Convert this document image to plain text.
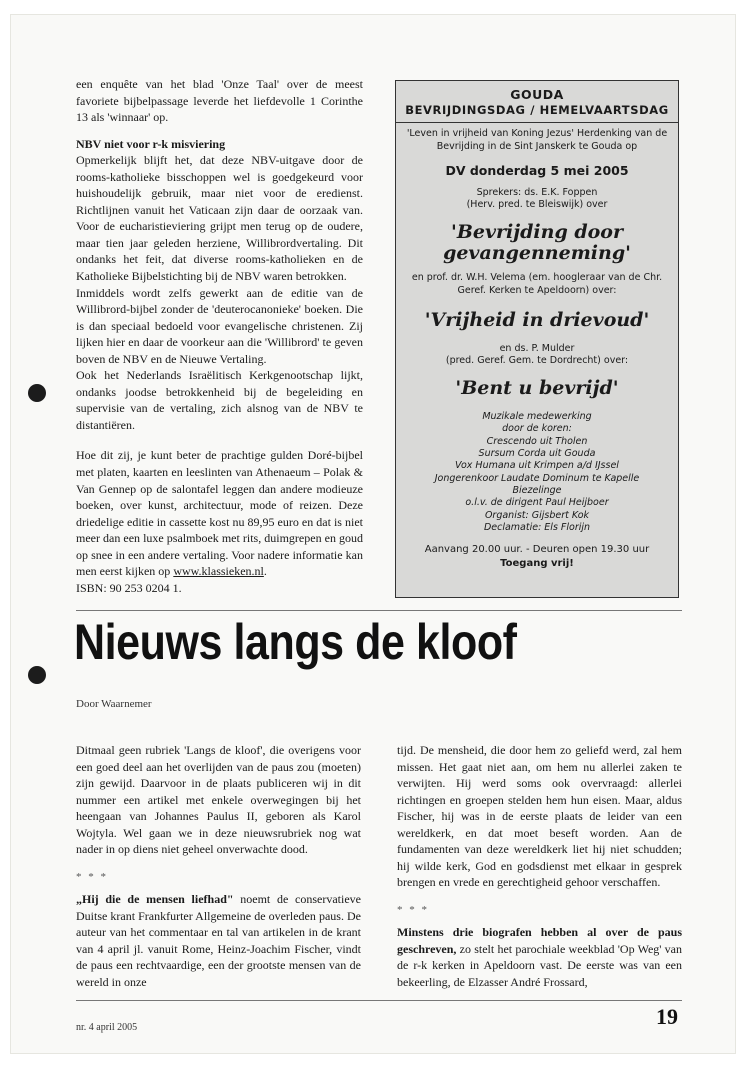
een enquête van het blad 'Onze Taal' over de meest favoriete bijbelpassage leverde het liefdevolle 1 Corinthe 13 als 'winnaar' op.

NBV niet voor r-k misviering

Opmerkelijk blijft het, dat deze NBV-uitgave door de rooms-katholieke bisschoppen wel is goedgekeurd voor huishoudelijk gebruik, maar niet voor de eredienst. Richtlijnen vanuit het Vaticaan zijn daar de oorzaak van. Voor de eucharistieviering grijpt men terug op de oudere, maar tien jaar geleden herziene, Willibrordvertaling. Dit ondanks het feit, dat diverse rooms-katholieken en de Katholieke Bijbelstichting bij de NBV waren betrokken.

Inmiddels wordt zelfs gewerkt aan de editie van de Willibrord-bijbel zonder de 'deuterocanonieke' boeken. Die is dan speciaal bedoeld voor evangelische christenen. Zij lijken hier en daar de voorkeur aan die 'Willibrord' te geven boven de NBV en de Nieuwe Vertaling.

Ook het Nederlands Israëlitisch Kerkgenootschap lijkt, ondanks joodse betrokkenheid bij de begeleiding en supervisie van de vertaling, zich alsnog van de NBV te distantiëren.

Hoe dit zij, je kunt beter de prachtige gulden Doré-bijbel met platen, kaarten en leeslinten van Athenaeum – Polak & Van Gennep op de salontafel leggen dan andere modieuze boeken, over kunst, architectuur, mode of reizen. Deze driedelige editie in cassette kost nu 89,95 euro en dat is niet meer dan een luxe psalmboek met rits, duimgrepen en goud op snee in een andere vertaling. Voor nadere informatie kan men eerst kijken op www.klassieken.nl.

ISBN: 90 253 0204 1.

GOUDA
BEVRIJDINGSDAG / HEMELVAARTSDAG
'Leven in vrijheid van Koning Jezus' Herdenking van de Bevrijding in de Sint Janskerk te Gouda op
DV donderdag 5 mei 2005
Sprekers: ds. E.K. Foppen
(Herv. pred. te Bleiswijk) over
'Bevrijding door gevangenneming'
en prof. dr. W.H. Velema (em. hoogleraar van de Chr. Geref. Kerken te Apeldoorn) over:
'Vrijheid in drievoud'
en ds. P. Mulder
(pred. Geref. Gem. te Dordrecht) over:
'Bent u bevrijd'
Muzikale medewerking
door de koren:
Crescendo uit Tholen
Sursum Corda uit Gouda
Vox Humana uit Krimpen a/d IJssel
Jongerenkoor Laudate Dominum te Kapelle
Biezelinge
o.l.v. de dirigent Paul Heijboer
Organist: Gijsbert Kok
Declamatie: Els Florijn
Aanvang 20.00 uur. - Deuren open 19.30 uur
Toegang vrij!
Nieuws langs de kloof
Door Waarnemer

Ditmaal geen rubriek 'Langs de kloof', die overigens voor een goed deel aan het overlijden van de paus zou (moeten) zijn gewijd. Daarvoor in de plaats publiceren wij in dit nummer een artikel met enkele overwegingen bij het heengaan van Johannes Paulus II, geboren als Karol Wojtyla. Wel gaan we in deze nieuwsrubriek nog wat nader in op diens niet geheel onverwachte dood.

* * *

„Hij die de mensen liefhad" noemt de conservatieve Duitse krant Frankfurter Allgemeine de overleden paus. De auteur van het commentaar en tal van artikelen in de krant van 4 april jl. vanuit Rome, Heinz-Joachim Fischer, vindt de paus een rechtvaardige, een der grootste mensen van de wereld in onze

tijd. De mensheid, die door hem zo geliefd werd, zal hem missen. Het gaat niet aan, om hem nu allerlei zaken te verwijten. Hij werd soms ook overvraagd: allerlei richtingen en groepen stelden hem hun eisen. Maar, aldus Fischer, hij was in de eerste plaats de leider van een wereldkerk, en dat moet beseft worden. Aan de fundamenten van deze wereldkerk liet hij niet schudden; hij wilde kerk, God en godsdienst met elkaar in gesprek brengen en vrede en gerechtigheid gehoor verschaffen.

* * *

Minstens drie biografen hebben al over de paus geschreven, zo stelt het parochiale weekblad 'Op Weg' van de r-k kerken in Apeldoorn vast. De eerste was van een bekeerling, de Elzasser André Frossard,

nr. 4 april 2005	19
